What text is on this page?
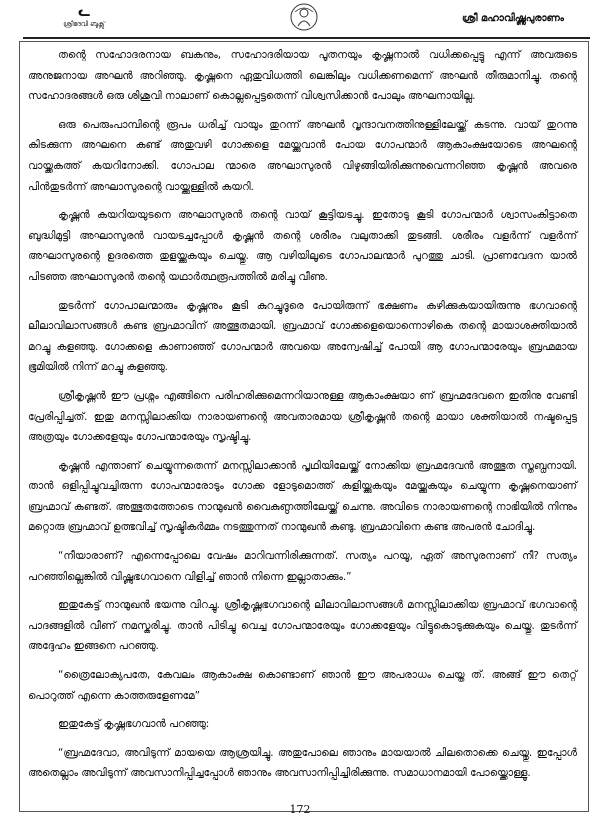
ᓚ
ശ്രീദേവി ബുക്സ്	ശ്രീ മഹാവിഷ്ണുപുരാണം

തന്റെ സഹോദരനായ ബകനും, സഹോദരിയായ പൂതനയും കൃഷ്ണനാൽ വധിക്കപ്പെട്ടു എന്ന് അവരുടെ അനുജനായ അഘൻ അറിഞ്ഞു. കൃഷ്ണനെ ഏതുവിധത്തി ലെങ്കിലും വധിക്കണമെന്ന് അഘൻ തീരുമാനിച്ചു. തന്റെ സഹോദരങ്ങൾ ഒരു ശിശുവി നാലാണ് കൊല്ലപ്പെട്ടതെന്ന് വിശ്വസിക്കാൻ പോലും അഘനായില്ല.

ഒരു പെരുംപാമ്പിന്റെ രൂപം ധരിച്ച് വായും തുറന്ന് അഘൻ വൃന്ദാവനത്തിനുള്ളിലേയ്ക്ക് കടന്നു. വായ് തുറന്നു കിടക്കുന്ന അഘനെ കണ്ട് അതുവഴി ഗോക്കളെ മേയ്ക്കുവാൻ പോയ ഗോപന്മാർ ആകാംക്ഷയോടെ അഘന്റെ വായ്ക്കകത്ത് കയറിനോക്കി. ഗോപാല ന്മാരെ അഘാസുരൻ വിഴുങ്ങിയിരിക്കുന്നുവെന്നറിഞ്ഞ കൃഷ്ണൻ അവരെ പിൻതുടർന്ന് അഘാസുരന്റെ വായ്ക്കുള്ളിൽ കയറി.

കൃഷ്ണൻ കയറിയയുടനെ അഘാസുരൻ തന്റെ വായ് കൂട്ടിയടച്ചു. ഇതോടു കൂടി ഗോപന്മാർ ശ്വാസംകിട്ടാതെ ബുദ്ധിമുട്ടി അഘാസുരൻ വായടച്ചപ്പോൾ കൃഷ്ണൻ തന്റെ ശരീരം വലുതാക്കി തുടങ്ങി. ശരീരം വളർന്ന് വളർന്ന് അഘാസുരന്റെ ഉദരത്തെ തുളയ്ക്കുകയും ചെയ്തു. ആ വഴിയിലൂടെ ഗോപാലന്മാർ പുറത്തു ചാടി. പ്രാണവേദന യാൽ പിടഞ്ഞ അഘാസുരൻ തന്റെ യഥാർത്ഥരൂപത്തിൽ മരിച്ചു വീണു.

തുടർന്ന് ഗോപാലന്മാരും കൃഷ്ണനും കൂടി കുറച്ചുദൂരെ പോയിരുന്ന് ഭക്ഷണം കഴിക്കുകയായിരുന്നു ഭഗവാന്റെ ലീലാവിലാസങ്ങൾ കണ്ട ബ്രഹ്മാവിന് അത്ഭുതമായി. ബ്രഹ്മാവ് ഗോക്കളെയൊന്നൊഴികെ തന്റെ മായാശക്തിയാൽ മറച്ചു കളഞ്ഞു. ഗോക്കളെ കാണാഞ്ഞ് ഗോപന്മാർ അവയെ അന്വേഷിച്ച് പോയി ആ ഗോപന്മാരേയും ബ്രഹ്മമായ ഭൂമിയിൽ നിന്ന് മറച്ചു കളഞ്ഞു.

ശ്രീകൃഷ്ണൻ ഈ പ്രശ്നം എങ്ങിനെ പരിഹരിക്കുമെന്നറിയാനുള്ള ആകാംക്ഷയാ ണ് ബ്രഹ്മദേവനെ ഇതിനു വേണ്ടി പ്രേരിപ്പിച്ചത്. ഇതു മനസ്സിലാക്കിയ നാരായണന്റെ അവതാരമായ ശ്രീകൃഷ്ണൻ തന്റെ മായാ ശക്തിയാൽ നഷ്ടപ്പെട്ട അത്രയും ഗോക്കളേയും ഗോപന്മാരേയും സൃഷ്ടിച്ചു.

കൃഷ്ണൻ എന്താണ് ചെയ്യുന്നതെന്ന് മനസ്സിലാക്കാൻ പൃഥിയിലേയ്ക്ക് നോക്കിയ ബ്രഹ്മദേവൻ അത്ഭുത സ്തബ്ധനായി. താൻ ഒളിപ്പിച്ചുവച്ചിരുന്ന ഗോപന്മാരോടും ഗോക്ക ളോടുമൊത്ത് കളിയ്ക്കുകയും മേയ്ക്കുകയും ചെയ്യുന്ന കൃഷ്ണനെയാണ് ബ്രഹ്മാവ് കണ്ടത്. അത്ഭുതത്തോടെ നാന്മുഖൻ വൈകുണ്ഠത്തിലേയ്ക്ക് ചെന്നു. അവിടെ നാരായണന്റെ നാഭിയിൽ നിന്നും മറ്റൊരു ബ്രഹ്മാവ് ഉത്ഭവിച്ച് സൃഷ്ടികർമ്മം നടത്തുന്നത് നാന്മുഖൻ കണ്ടു. ബ്രഹ്മാവിനെ കണ്ട അപരൻ ചോദിച്ചു.

“നീയാരാണ്? എന്നെപ്പോലെ വേഷം മാറിവന്നിരിക്കുന്നത്. സത്യം പറയൂ, ഏത് അസുരനാണ് നീ? സത്യം പറഞ്ഞില്ലെങ്കിൽ വിഷ്ണുഭഗവാനെ വിളിച്ച് ഞാൻ നിന്നെ ഇല്ലാതാക്കും.”

ഇതുകേട്ട് നാന്മുഖൻ ഭയന്നു വിറച്ചു. ശ്രീകൃഷ്ണഭഗവാന്റെ ലീലാവിലാസങ്ങൾ മനസ്സിലാക്കിയ ബ്രഹ്മാവ് ഭഗവാന്റെ പാദങ്ങളിൽ വീണ് നമസ്കരിച്ചു. താൻ പിടിച്ചു വെച്ച ഗോപന്മാരേയും ഗോക്കളേയും വിട്ടുകൊടുക്കുകയും ചെയ്തു. തുടർന്ന് അദ്ദേഹം ഇങ്ങനെ പറഞ്ഞു.

“ത്രൈലോക്യപതേ, കേവലം ആകാംക്ഷ കൊണ്ടാണ് ഞാൻ ഈ അപരാധം ചെയ്ത ത്. അങ്ങ് ഈ തെറ്റ് പൊറുത്ത് എന്നെ കാത്തരുളേണമേ”

ഇതുകേട്ട് കൃഷ്ണഭഗവാൻ പറഞ്ഞു:

“ബ്രഹ്മദേവാ, അവിടുന്ന് മായയെ ആശ്രയിച്ചു. അതുപോലെ ഞാനും മായയാൽ ചിലതൊക്കെ ചെയ്തു. ഇപ്പോൾ അതെല്ലാം അവിടുന്ന് അവസാനിപ്പിച്ചപ്പോൾ ഞാനും അവസാനിപ്പിച്ചിരിക്കുന്നു. സമാധാനമായി പോയ്ക്കൊള്ളൂ.

172
